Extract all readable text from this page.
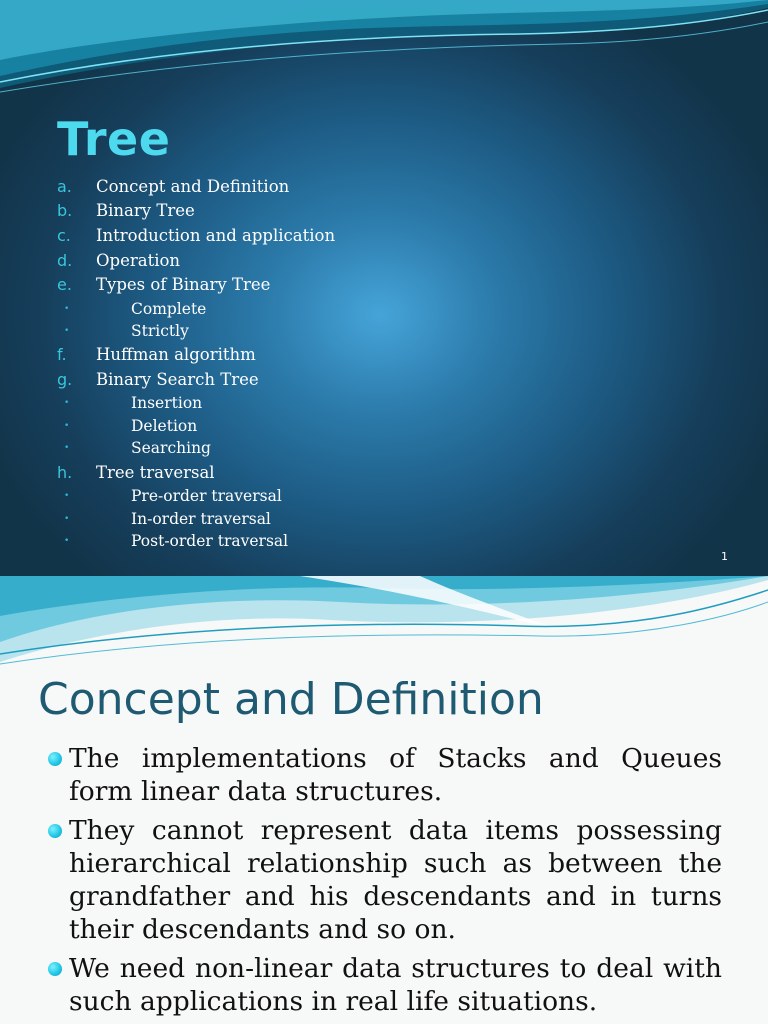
Tree
a. Concept and Definition
b. Binary Tree
c. Introduction and application
d. Operation
e. Types of Binary Tree
•	Complete
•	Strictly
f. Huffman algorithm
g. Binary Search Tree
•	Insertion
•	Deletion
•	Searching
h. Tree traversal
•	Pre-order traversal
•	In-order traversal
•	Post-order traversal
1
Concept and Definition
The implementations of Stacks and Queues form linear data structures.
They cannot represent data items possessing hierarchical relationship such as between the grandfather and his descendants and in turns their descendants and so on.
We need non-linear data structures to deal with such applications in real life situations.
